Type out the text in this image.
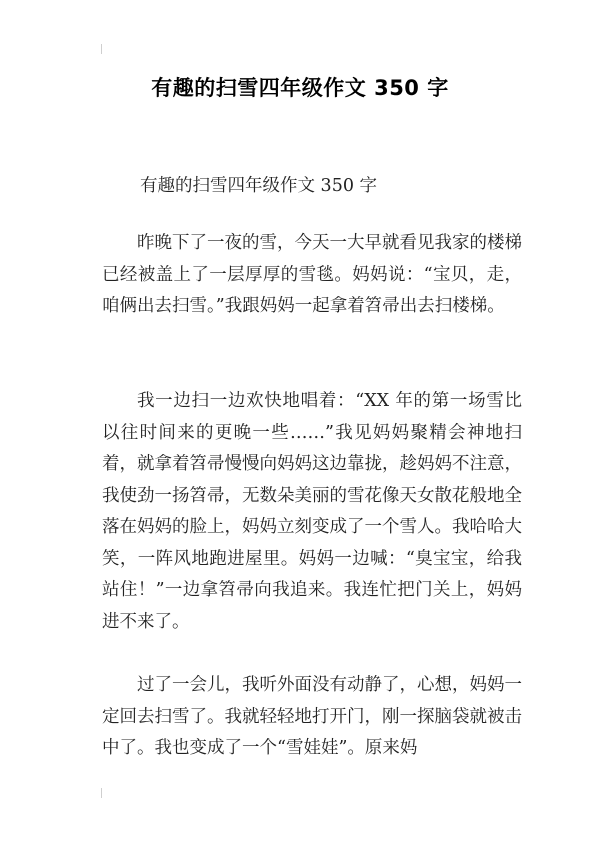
有趣的扫雪四年级作文 350 字
有趣的扫雪四年级作文 350 字

昨晚下了一夜的雪，今天一大早就看见我家的楼梯已经被盖上了一层厚厚的雪毯。妈妈说：“宝贝，走，咱俩出去扫雪。”我跟妈妈一起拿着笤帚出去扫楼梯。

我一边扫一边欢快地唱着：“XX 年的第一场雪比以往时间来的更晚一些……”我见妈妈聚精会神地扫着，就拿着笤帚慢慢向妈妈这边靠拢，趁妈妈不注意，我使劲一扬笤帚，无数朵美丽的雪花像天女散花般地全落在妈妈的脸上，妈妈立刻变成了一个雪人。我哈哈大笑，一阵风地跑进屋里。妈妈一边喊：“臭宝宝，给我站住！”一边拿笤帚向我追来。我连忙把门关上，妈妈进不来了。

过了一会儿，我听外面没有动静了，心想，妈妈一定回去扫雪了。我就轻轻地打开门，刚一探脑袋就被击中了。我也变成了一个“雪娃娃”。原来妈
